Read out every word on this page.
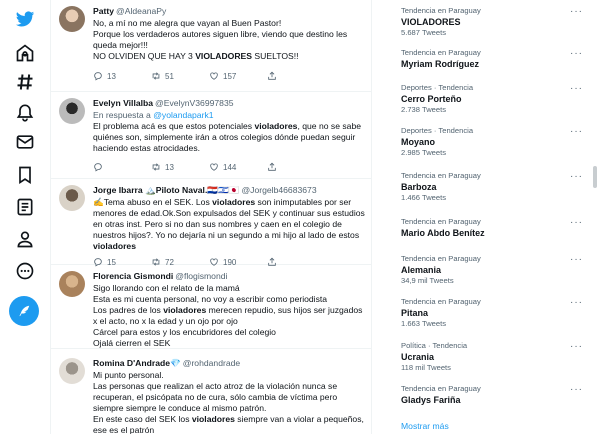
Patty @AldeanaPy

No, a mí no me alegra que vayan al Buen Pastor!

Porque los verdaderos autores siguen libre, viendo que destino les queda mejor!!!

NO OLVIDEN QUE HAY 3 VIOLADORES SUELTOS!!

13	51	157
Evelyn Villalba @EvelynV36997835
En respuesta a @yolandapark1

El problema acá es que estos potenciales violadores, que no se sabe quiénes son, simplemente irán a otros colegios dónde puedan seguir haciendo estas atrocidades.

13	144
Jorge Ibarra 🏔️Piloto Naval.🇵🇾🇮🇱🇯🇵 @Jorgelb46683673

✍️Tema abuso en el SEK. Los violadores son inimputables por ser menores de edad.Ok.Son expulsados del SEK y continuar sus estudios en otras inst. Pero si no dan sus nombres y caen en el colegio de nuestros hijos?. Yo no dejaría ni un segundo a mi hijo al lado de estos violadores

15	72	190
Florencia Gismondi @flogismondi

Sigo llorando con el relato de la mamá

Esta es mi cuenta personal, no voy a escribir como periodista

Los padres de los violadores merecen repudio, sus hijos ser juzgados x el acto, no x la edad y un ojo por ojo

Cárcel para estos y los encubridores del colegio

Ojalá cierren el SEK

Romina D'Andrade💎 @rohdandrade

Mi punto personal.

Las personas que realizan el acto atroz de la violación nunca se recuperan, el psicópata no de cura, sólo cambia de víctima pero siempre siempre le conduce al mismo patrón.

En este caso del SEK los violadores siempre van a violar a pequeños, ese es el patrón

Tendencia en Paraguay
VIOLADORES
5.687 Tweets
···
Tendencia en Paraguay
Myriam Rodríguez
···
Deportes · Tendencia
Cerro Porteño
2.738 Tweets
···
Deportes · Tendencia
Moyano
2.985 Tweets
···
Tendencia en Paraguay
Barboza
1.466 Tweets
···
Tendencia en Paraguay
Mario Abdo Benítez
···
Tendencia en Paraguay
Alemania
34,9 mil Tweets
···
Tendencia en Paraguay
Pitana
1.663 Tweets
···
Política · Tendencia
Ucrania
118 mil Tweets
···
Tendencia en Paraguay
Gladys Fariña
···
Mostrar más
